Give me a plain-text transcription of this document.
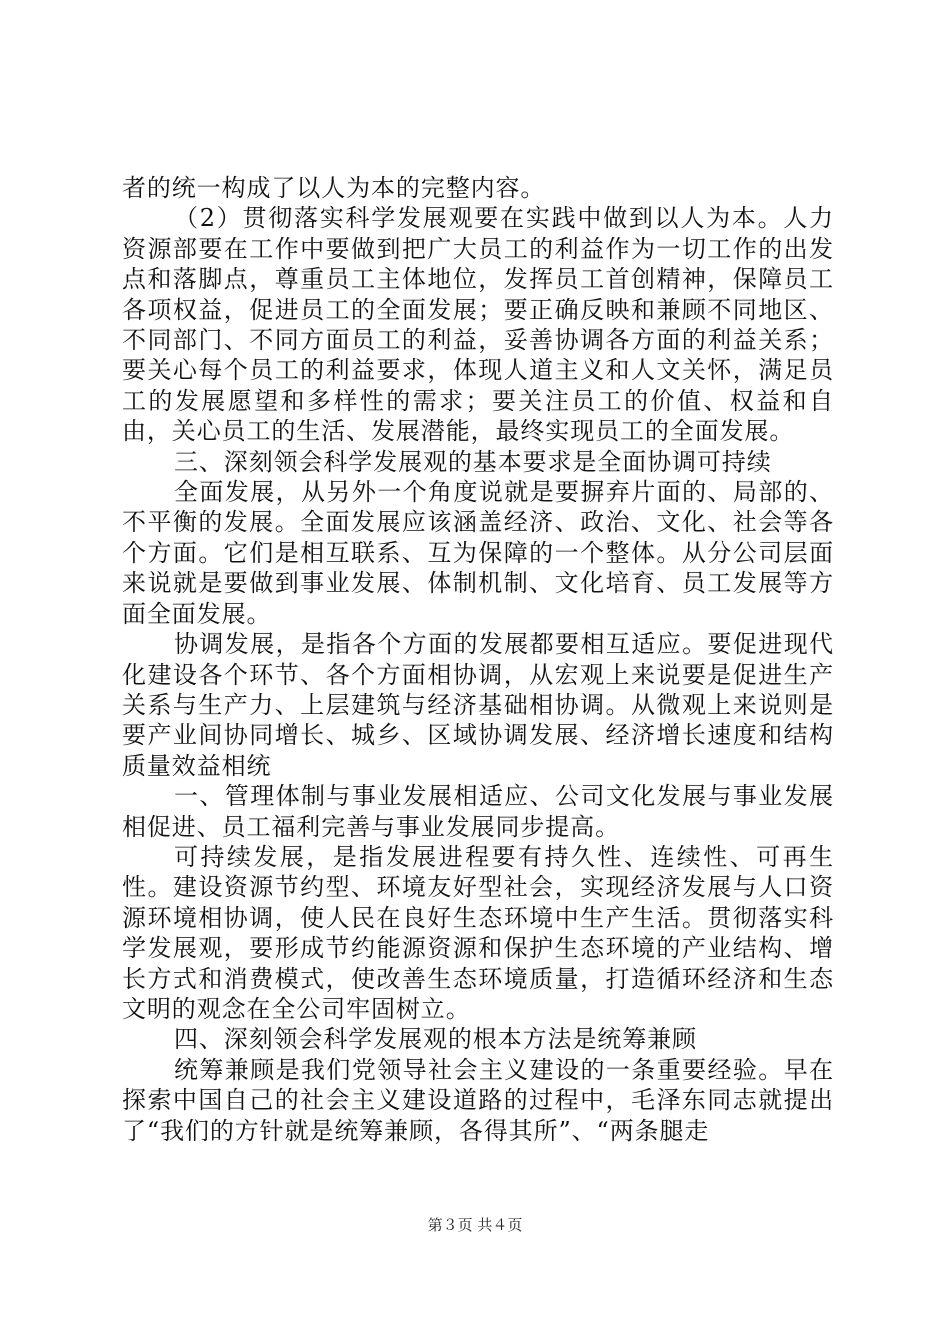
者的统一构成了以人为本的完整内容。

（2）贯彻落实科学发展观要在实践中做到以人为本。人力资源部要在工作中要做到把广大员工的利益作为一切工作的出发点和落脚点，尊重员工主体地位，发挥员工首创精神，保障员工各项权益，促进员工的全面发展；要正确反映和兼顾不同地区、不同部门、不同方面员工的利益，妥善协调各方面的利益关系；要关心每个员工的利益要求，体现人道主义和人文关怀，满足员工的发展愿望和多样性的需求；要关注员工的价值、权益和自由，关心员工的生活、发展潜能，最终实现员工的全面发展。

三、深刻领会科学发展观的基本要求是全面协调可持续

全面发展，从另外一个角度说就是要摒弃片面的、局部的、不平衡的发展。全面发展应该涵盖经济、政治、文化、社会等各个方面。它们是相互联系、互为保障的一个整体。从分公司层面来说就是要做到事业发展、体制机制、文化培育、员工发展等方面全面发展。

协调发展，是指各个方面的发展都要相互适应。要促进现代化建设各个环节、各个方面相协调，从宏观上来说要是促进生产关系与生产力、上层建筑与经济基础相协调。从微观上来说则是要产业间协同增长、城乡、区域协调发展、经济增长速度和结构质量效益相统

一、管理体制与事业发展相适应、公司文化发展与事业发展相促进、员工福利完善与事业发展同步提高。

可持续发展，是指发展进程要有持久性、连续性、可再生性。建设资源节约型、环境友好型社会，实现经济发展与人口资源环境相协调，使人民在良好生态环境中生产生活。贯彻落实科学发展观，要形成节约能源资源和保护生态环境的产业结构、增长方式和消费模式，使改善生态环境质量，打造循环经济和生态文明的观念在全公司牢固树立。

四、深刻领会科学发展观的根本方法是统筹兼顾

统筹兼顾是我们党领导社会主义建设的一条重要经验。早在探索中国自己的社会主义建设道路的过程中，毛泽东同志就提出了“我们的方针就是统筹兼顾，各得其所”、“两条腿走

第３页 共４页
